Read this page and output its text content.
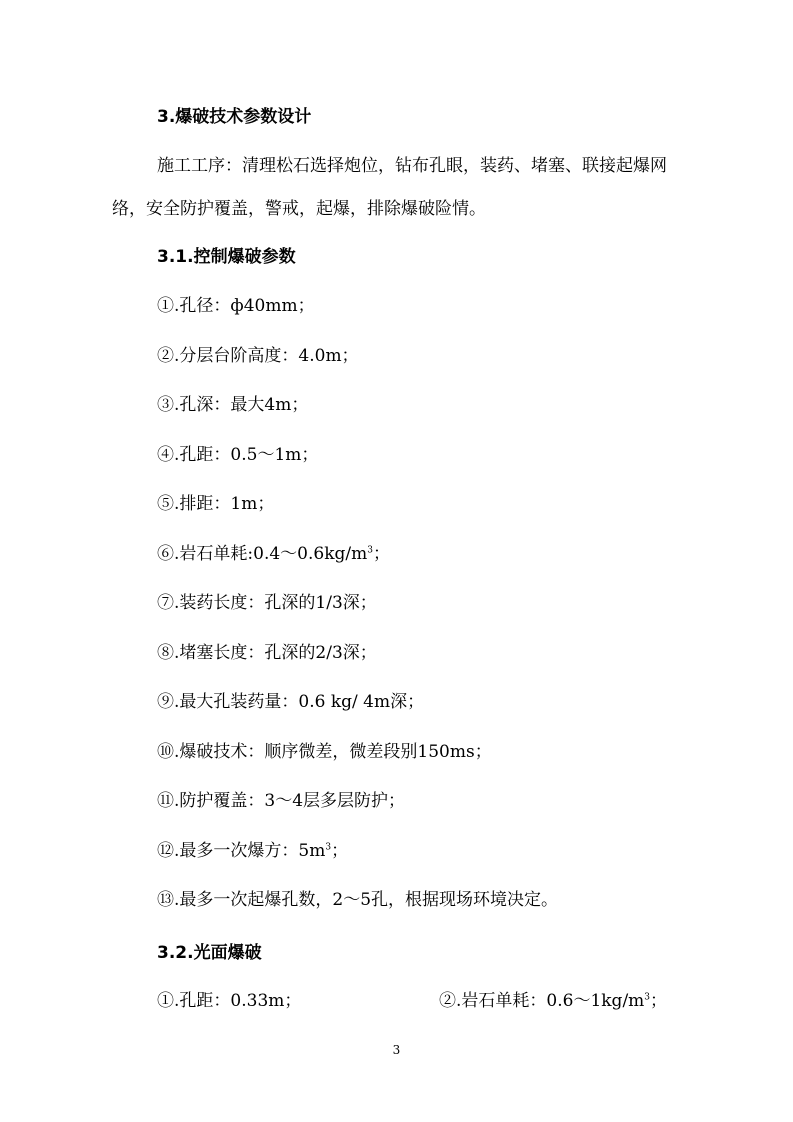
3.爆破技术参数设计
施工工序：清理松石选择炮位，钻布孔眼，装药、堵塞、联接起爆网络，安全防护覆盖，警戒，起爆，排除爆破险情。
3.1.控制爆破参数
①.孔径：ф40mm；
②.分层台阶高度：4.0m；
③.孔深：最大4m；
④.孔距：0.5～1m；
⑤.排距：1m；
⑥.岩石单耗$:0.4\sim 0.6kg/m^3$；
⑦.装药长度：孔深的1/3深；
⑧.堵塞长度：孔深的2/3深；
⑨.最大孔装药量：0.6 kg/ 4m深；
⑩.爆破技术：顺序微差，微差段别150ms；
⑪.防护覆盖：3～4层多层防护；
⑫.最多一次爆方：$5m^3$；
⑬.最多一次起爆孔数，2～5孔，根据现场环境决定。
3.2.光面爆破
①.孔距：0.33m；	②.岩石单耗：$0.6\sim 1kg/m^3$；
3
